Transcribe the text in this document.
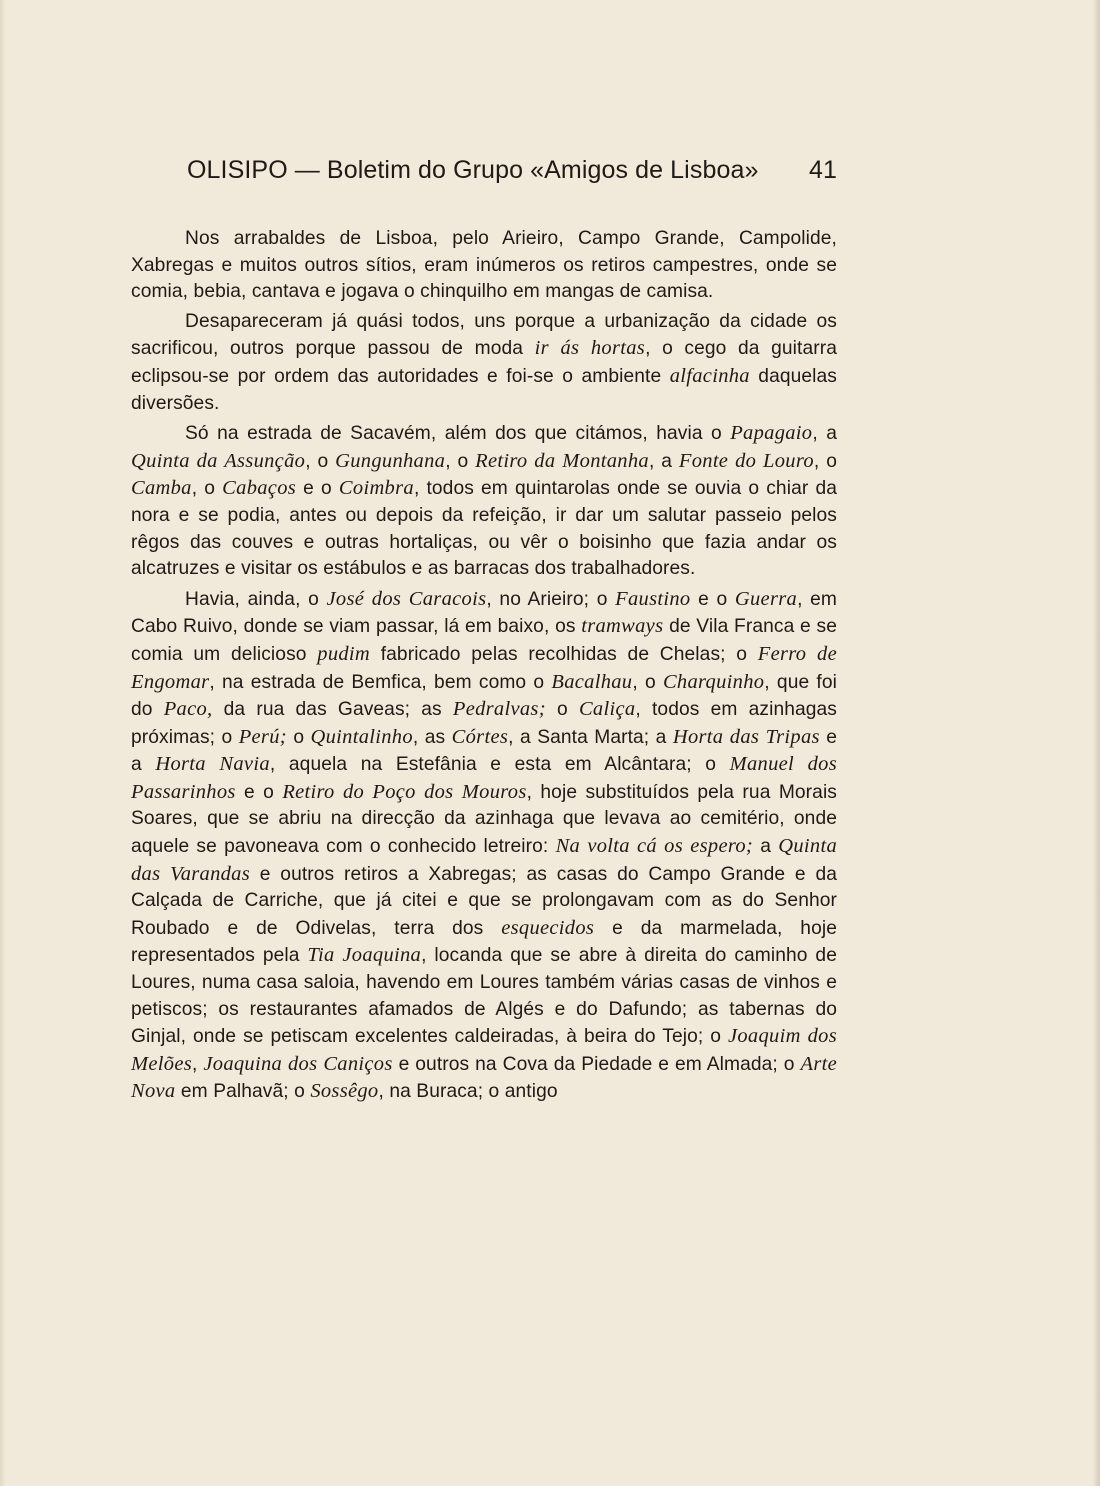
OLISIPO — Boletim do Grupo «Amigos de Lisboa» 41

Nos arrabaldes de Lisboa, pelo Arieiro, Campo Grande, Campolide, Xabregas e muitos outros sítios, eram inúmeros os retiros campestres, onde se comia, bebia, cantava e jogava o chinquilho em mangas de camisa.

Desapareceram já quási todos, uns porque a urbanização da cidade os sacrificou, outros porque passou de moda ir ás hortas, o cego da guitarra eclipsou-se por ordem das autoridades e foi-se o ambiente alfacinha daquelas diversões.

Só na estrada de Sacavém, além dos que citámos, havia o Papagaio, a Quinta da Assunção, o Gungunhana, o Retiro da Montanha, a Fonte do Louro, o Camba, o Cabaços e o Coimbra, todos em quintarolas onde se ouvia o chiar da nora e se podia, antes ou depois da refeição, ir dar um salutar passeio pelos rêgos das couves e outras hortaliças, ou vêr o boisinho que fazia andar os alcatruzes e visitar os estábulos e as barracas dos trabalhadores.

Havia, ainda, o José dos Caracois, no Arieiro; o Faustino e o Guerra, em Cabo Ruivo, donde se viam passar, lá em baixo, os tramways de Vila Franca e se comia um delicioso pudim fabricado pelas recolhidas de Chelas; o Ferro de Engomar, na estrada de Bemfica, bem como o Bacalhau, o Charquinho, que foi do Paco, da rua das Gaveas; as Pedralvas; o Caliça, todos em azinhagas próximas; o Perú; o Quintalinho, as Córtes, a Santa Marta; a Horta das Tripas e a Horta Navia, aquela na Estefânia e esta em Alcântara; o Manuel dos Passarinhos e o Retiro do Poço dos Mouros, hoje substituídos pela rua Morais Soares, que se abriu na direcção da azinhaga que levava ao cemitério, onde aquele se pavoneava com o conhecido letreiro: Na volta cá os espero; a Quinta das Varandas e outros retiros a Xabregas; as casas do Campo Grande e da Calçada de Carriche, que já citei e que se prolongavam com as do Senhor Roubado e de Odivelas, terra dos esquecidos e da marmelada, hoje representados pela Tia Joaquina, locanda que se abre à direita do caminho de Loures, numa casa saloia, havendo em Loures também várias casas de vinhos e petiscos; os restaurantes afamados de Algés e do Dafundo; as tabernas do Ginjal, onde se petiscam excelentes caldeiradas, à beira do Tejo; o Joaquim dos Melões, Joaquina dos Caniços e outros na Cova da Piedade e em Almada; o Arte Nova em Palhavã; o Sossêgo, na Buraca; o antigo
